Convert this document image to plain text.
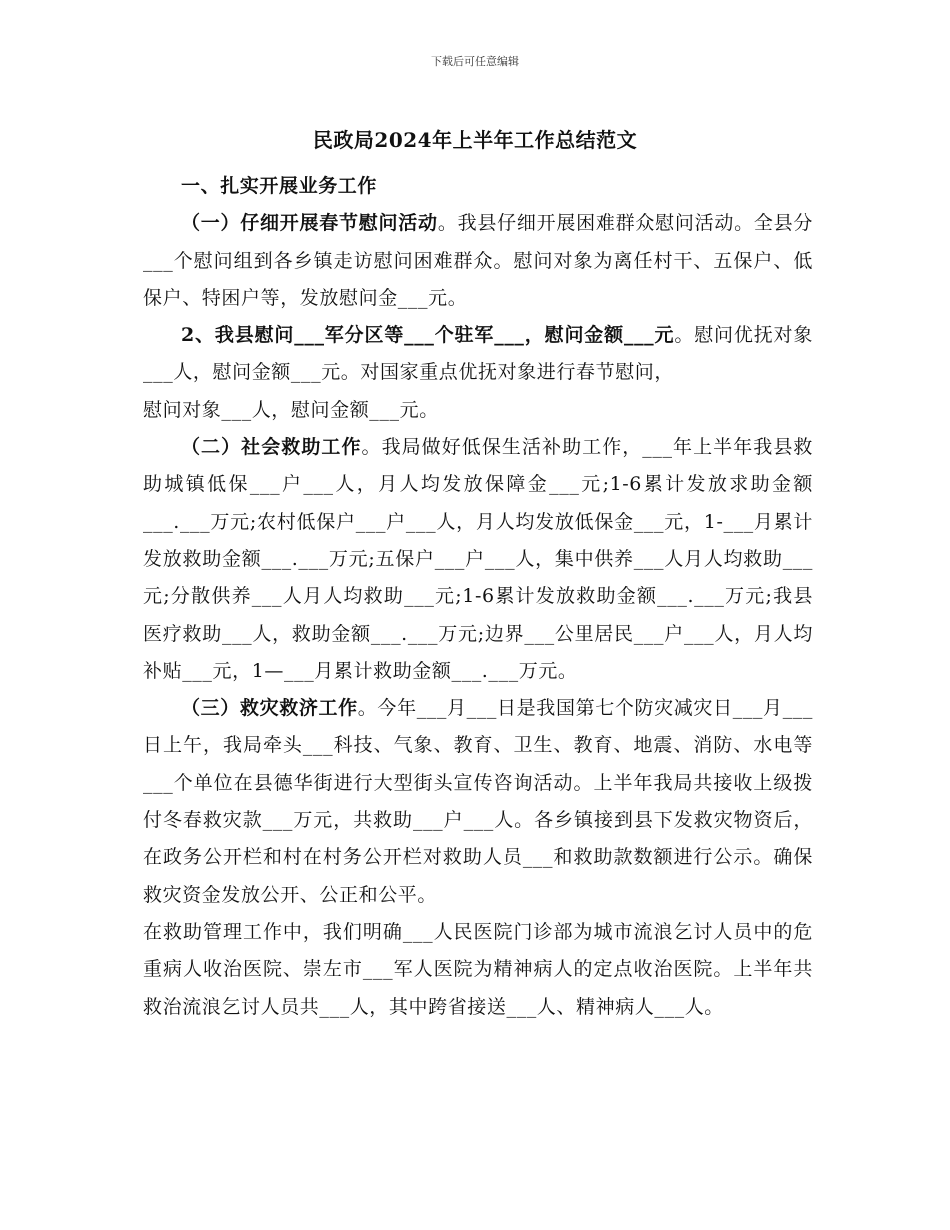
下载后可任意编辑
民政局2024年上半年工作总结范文
一、扎实开展业务工作

（一）仔细开展春节慰问活动。我县仔细开展困难群众慰问活动。全县分___个慰问组到各乡镇走访慰问困难群众。慰问对象为离任村干、五保户、低保户、特困户等，发放慰问金___元。

2、我县慰问___军分区等___个驻军___，慰问金额___元。慰问优抚对象___人，慰问金额___元。对国家重点优抚对象进行春节慰问，

慰问对象___人，慰问金额___元。

（二）社会救助工作。我局做好低保生活补助工作，___年上半年我县救助城镇低保___户___人，月人均发放保障金___元;1-6累计发放求助金额___.___万元;农村低保户___户___人，月人均发放低保金___元，1-___月累计发放救助金额___.___万元;五保户___户___人，集中供养___人月人均救助___元;分散供养___人月人均救助___元;1-6累计发放救助金额___.___万元;我县医疗救助___人，救助金额___.___万元;边界___公里居民___户___人，月人均补贴___元，1—___月累计救助金额___.___万元。

（三）救灾救济工作。今年___月___日是我国第七个防灾减灾日___月___日上午，我局牵头___科技、气象、教育、卫生、教育、地震、消防、水电等___个单位在县德华街进行大型街头宣传咨询活动。上半年我局共接收上级拨付冬春救灾款___万元，共救助___户___人。各乡镇接到县下发救灾物资后，在政务公开栏和村在村务公开栏对救助人员___和救助款数额进行公示。确保救灾资金发放公开、公正和公平。

在救助管理工作中，我们明确___人民医院门诊部为城市流浪乞讨人员中的危重病人收治医院、崇左市___军人医院为精神病人的定点收治医院。上半年共救治流浪乞讨人员共___人，其中跨省接送___人、精神病人___人。
